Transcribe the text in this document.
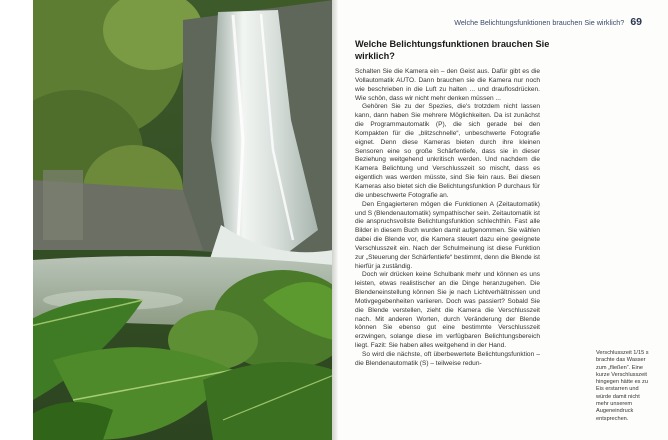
Welche Belichtungsfunktionen brauchen Sie wirklich? 69
Welche Belichtungsfunktionen brauchen Sie wirklich?

Schalten Sie die Kamera ein – den Geist aus. Dafür gibt es die Vollautomatik AUTO. Dann brauchen sie die Kamera nur noch wie beschrieben in die Luft zu halten ... und drauflosdrücken. Wie schön, dass wir nicht mehr denken müssen ...

Gehören Sie zu der Spezies, die's trotzdem nicht lassen kann, dann haben Sie mehrere Möglichkeiten. Da ist zunächst die Programmautomatik (P), die sich gerade bei den Kompakten für die „blitzschnelle“, unbeschwerte Fotografie eignet. Denn diese Kameras bieten durch ihre kleinen Sensoren eine so große Schärfentiefe, dass sie in dieser Beziehung weitgehend unkritisch werden. Und nachdem die Kamera Belichtung und Verschlusszeit so mischt, dass es eigentlich was werden müsste, sind Sie fein raus. Bei diesen Kameras also bietet sich die Belichtungsfunktion P durchaus für die unbeschwerte Fotografie an.

Den Engagierteren mögen die Funktionen A (Zeitautomatik) und S (Blendenautomatik) sympathischer sein. Zeitautomatik ist die anspruchsvollste Belichtungsfunktion schlechthin. Fast alle Bilder in diesem Buch wurden damit aufgenommen. Sie wählen dabei die Blende vor, die Kamera steuert dazu eine geeignete Verschlusszeit ein. Nach der Schulmeinung ist diese Funktion zur „Steuerung der Schärfentiefe“ bestimmt, denn die Blende ist hierfür ja zuständig.

Doch wir drücken keine Schulbank mehr und können es uns leisten, etwas realistischer an die Dinge heranzugehen. Die Blendeneinstellung können Sie je nach Lichtverhältnissen und Motivgegebenheiten variieren. Doch was passiert? Sobald Sie die Blende verstellen, zieht die Kamera die Verschlusszeit nach. Mit anderen Worten, durch Veränderung der Blende können Sie ebenso gut eine bestimmte Verschlusszeit erzwingen, solange diese im verfügbaren Belichtungsbereich liegt. Fazit: Sie haben alles weitgehend in der Hand.

So wird die nächste, oft überbewertete Belichtungsfunktion – die Blendenautomatik (S) – teilweise redun-

Verschlusszeit 1/15 s brachte das Wasser zum „fließen“. Eine kurze Verschlusszeit hingegen hätte es zu Eis erstarren und würde damit nicht mehr unserem Augeneindruck entsprechen.
